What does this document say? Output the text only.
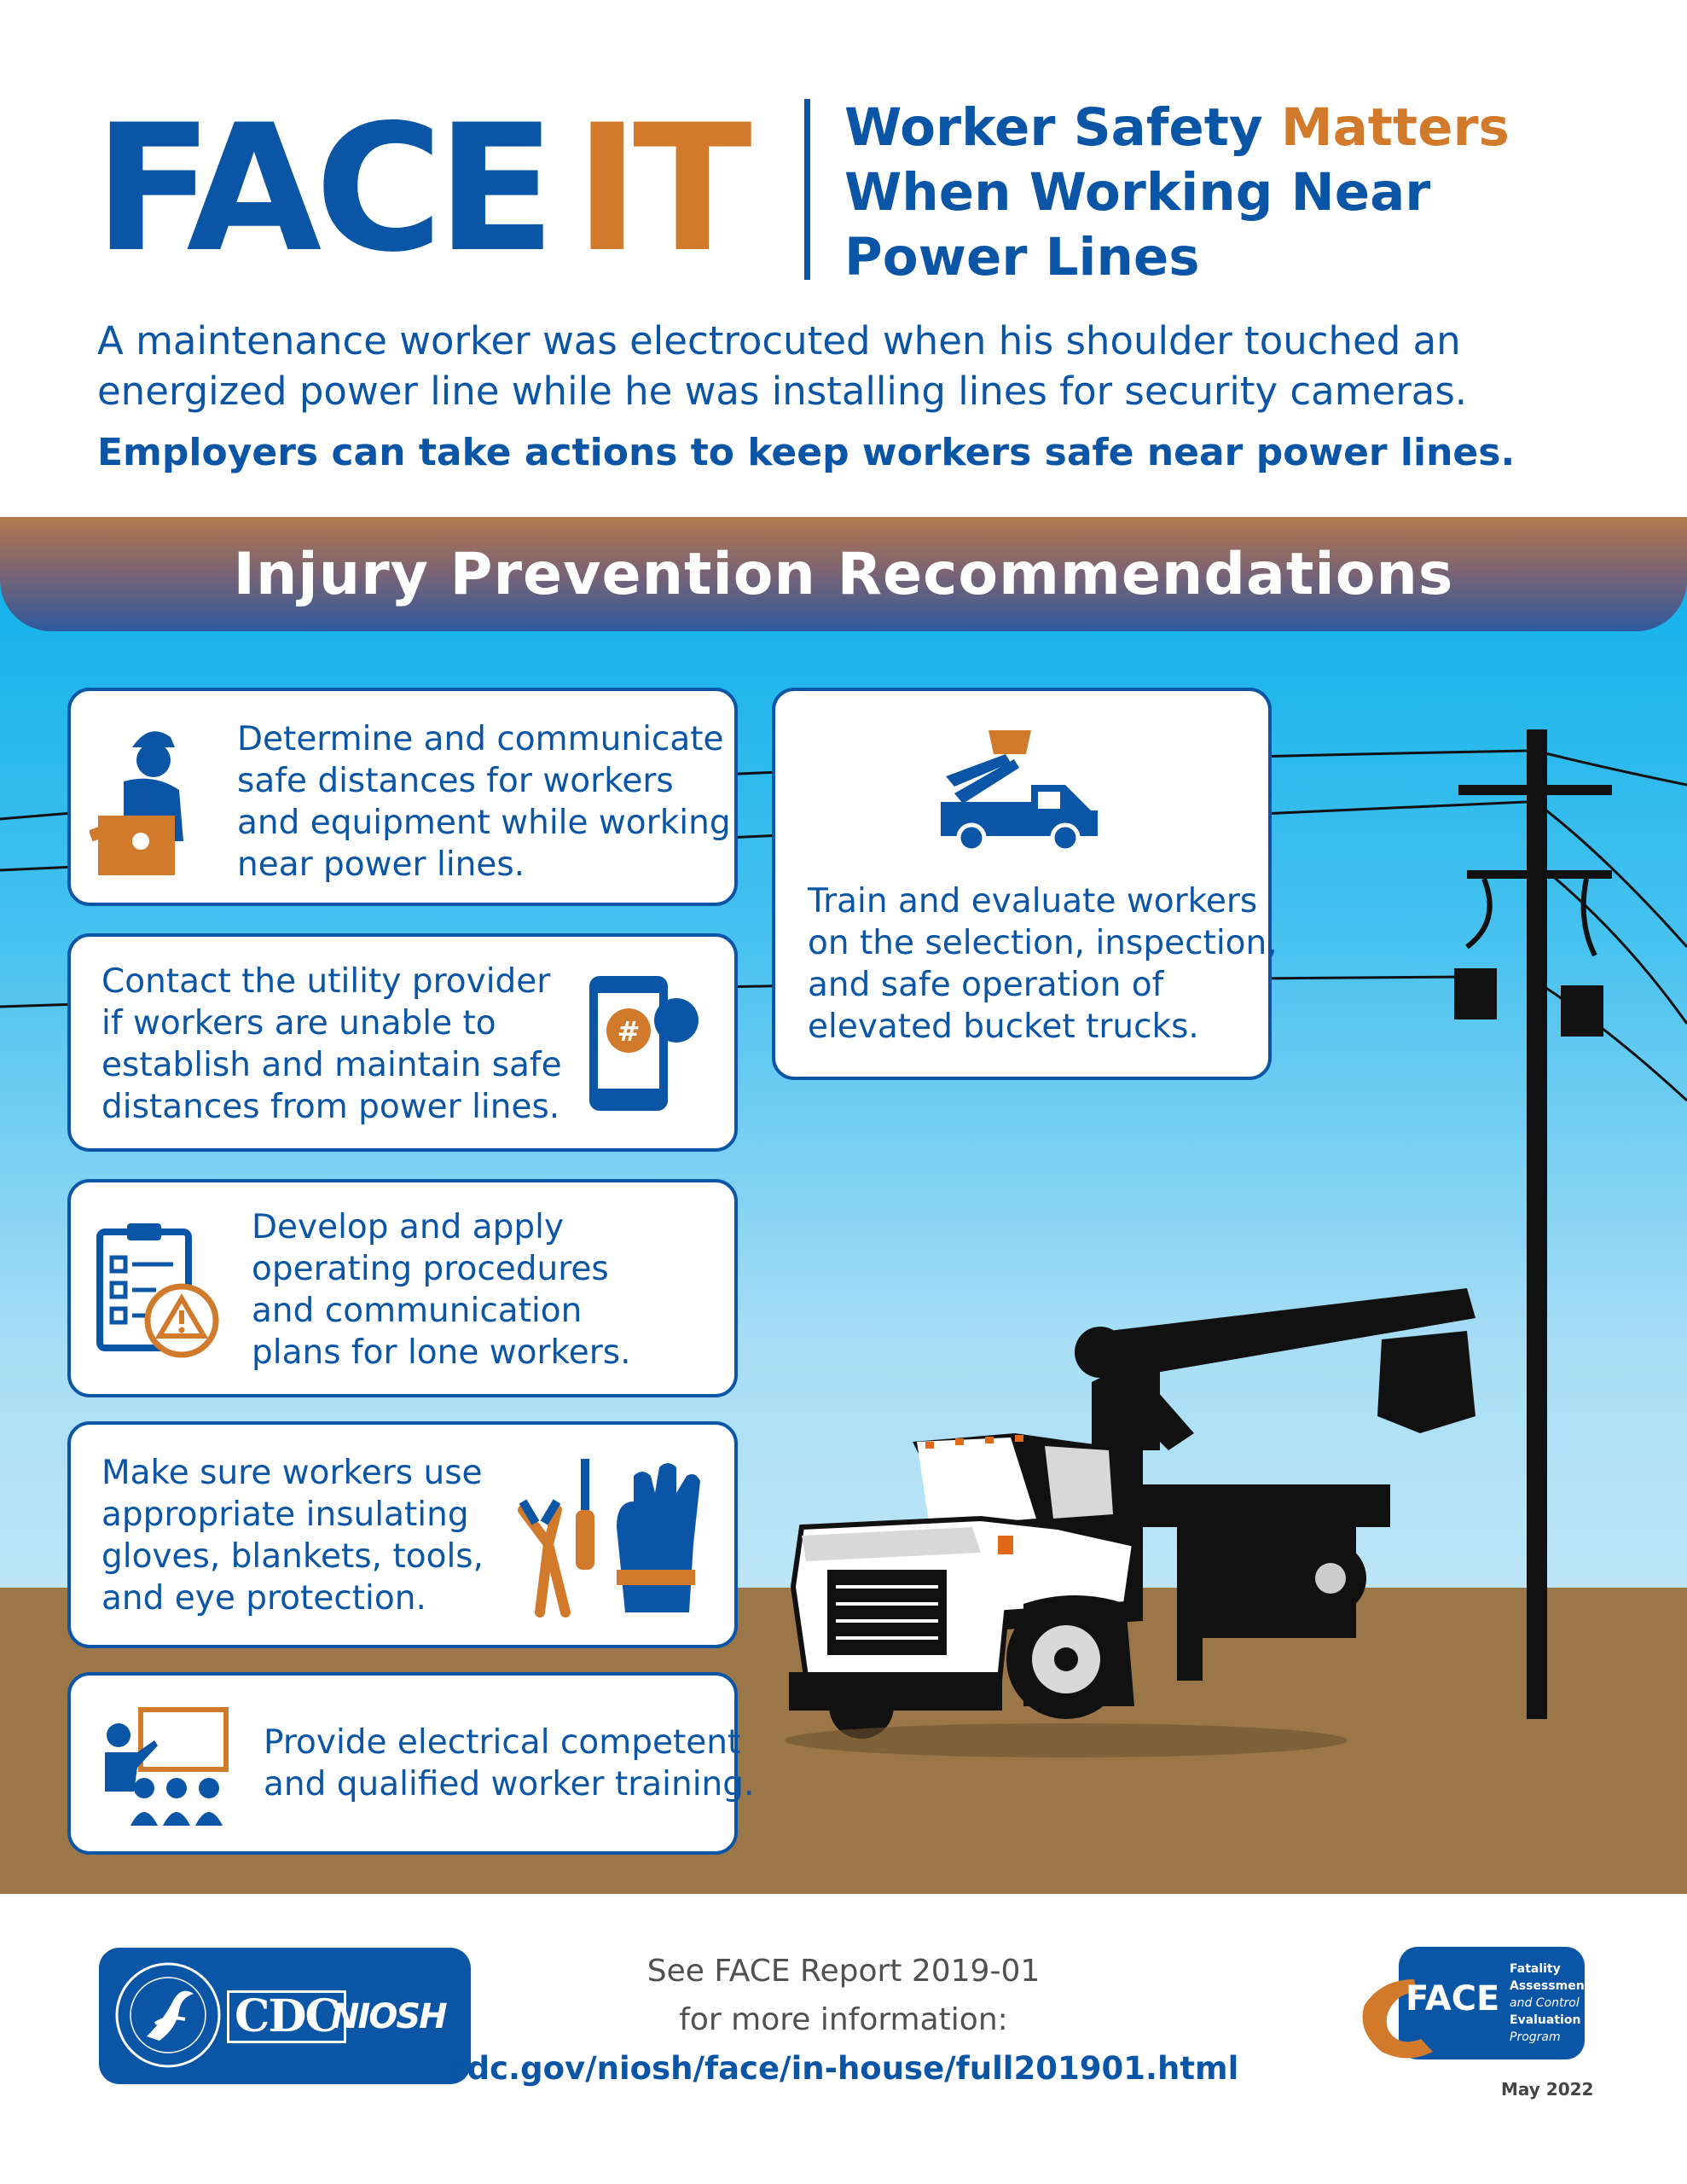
FACE IT Worker Safety Matters
When Working Near
Power Lines
A maintenance worker was electrocuted when his shoulder touched an
energized power line while he was installing lines for security cameras.
Employers can take actions to keep workers safe near power lines.
Injury Prevention Recommendations
Determine and communicate
safe distances for workers
and equipment while working
near power lines.
Contact the utility provider
if workers are unable to
establish and maintain safe
distances from power lines.
#
Develop and apply
operating procedures
and communication
plans for lone workers.
Make sure workers use
appropriate insulating
gloves, blankets, tools,
and eye protection.
Provide electrical competent
and qualified worker training.
Train and evaluate workers
on the selection, inspection,
and safe operation of
elevated bucket trucks.
CDC
NIOSH
See FACE Report 2019-01
for more information:
cdc.gov/niosh/face/in-house/full201901.html
FACE
Fatality
Assessment
and Control
Evaluation
Program
May 2022
